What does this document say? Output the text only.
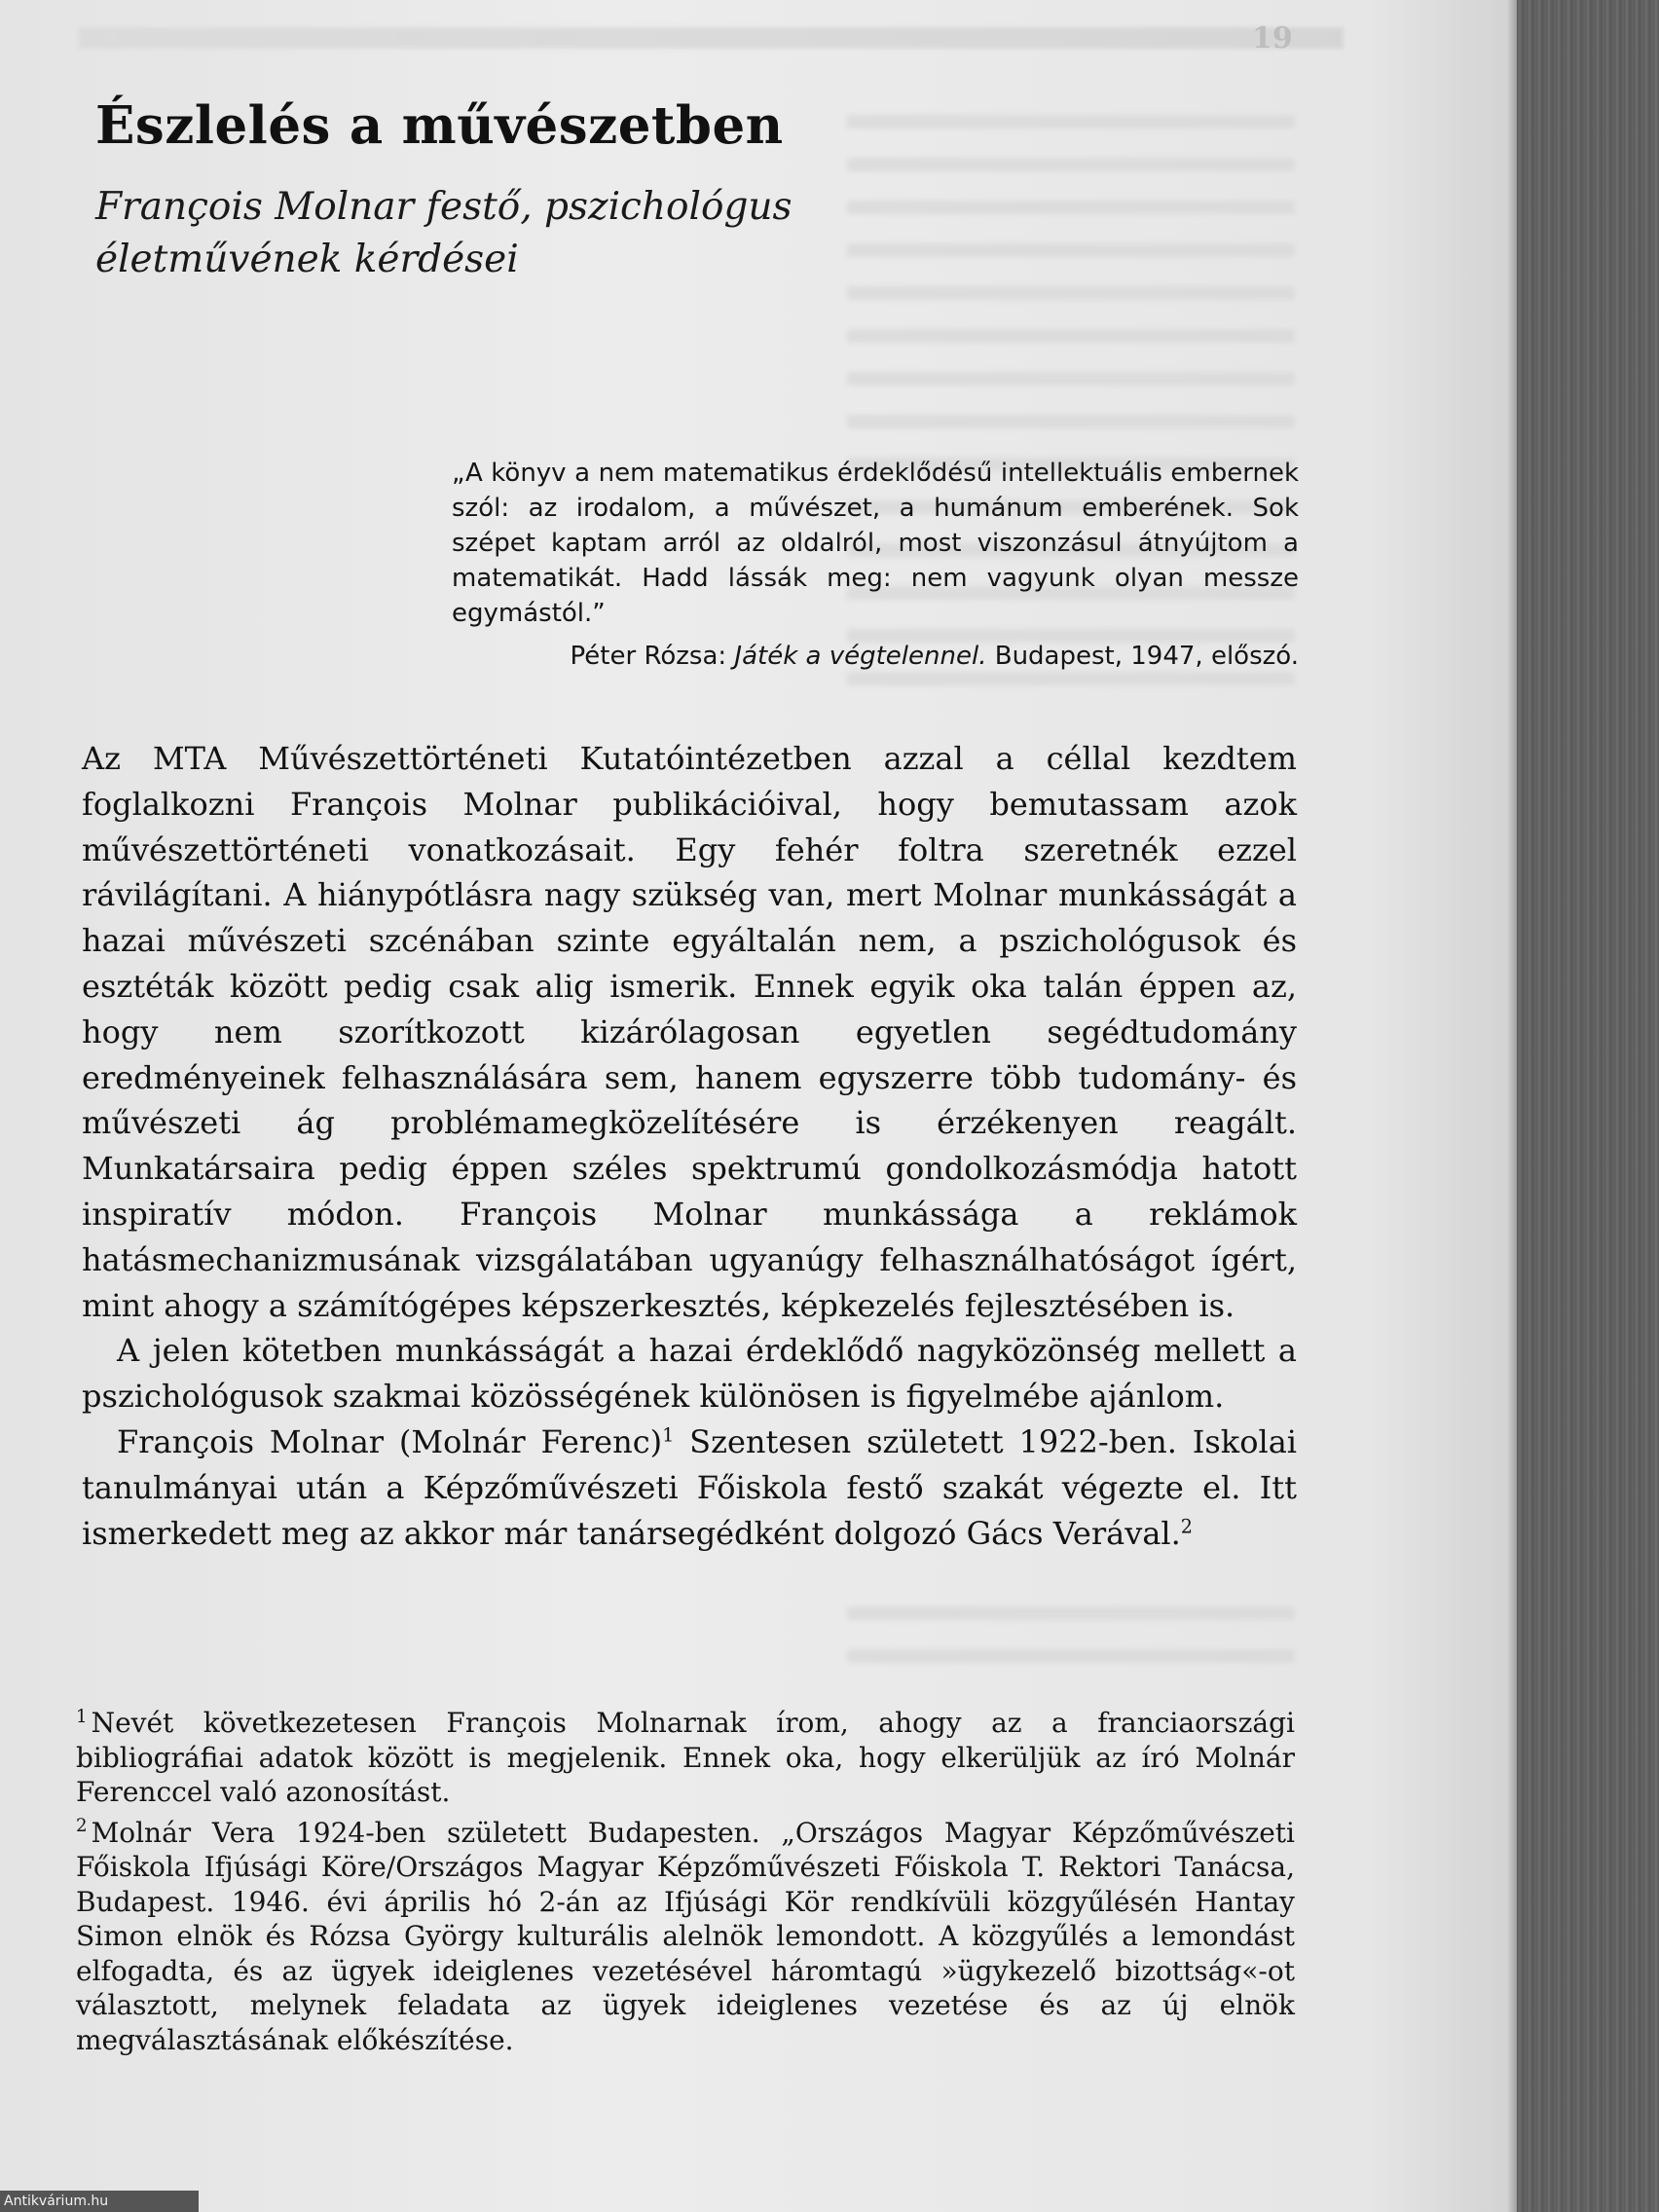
19
Észlelés a művészetben
François Molnar festő, pszichológus életművének kérdései
„A könyv a nem matematikus érdeklődésű intellektuális embernek szól: az irodalom, a művészet, a humánum emberének. Sok szépet kaptam arról az oldalról, most viszonzásul átnyújtom a matematikát. Hadd lássák meg: nem vagyunk olyan messze egymástól.”
Péter Rózsa: Játék a végtelennel. Budapest, 1947, előszó.

Az MTA Művészettörténeti Kutatóintézetben azzal a céllal kezdtem foglalkozni François Molnar publikációival, hogy bemutassam azok művészettörténeti vonatkozásait. Egy fehér foltra szeretnék ezzel rávilágítani. A hiánypótlásra nagy szükség van, mert Molnar munkásságát a hazai művészeti szcénában szinte egyáltalán nem, a pszichológusok és esztéták között pedig csak alig ismerik. Ennek egyik oka talán éppen az, hogy nem szorítkozott kizárólagosan egyetlen segédtudomány eredményeinek felhasználására sem, hanem egyszerre több tudomány- és művészeti ág problémamegközelítésére is érzékenyen reagált. Munkatársaira pedig éppen széles spektrumú gondolkozásmódja hatott inspiratív módon. François Molnar munkássága a reklámok hatásmechanizmusának vizsgálatában ugyanúgy felhasználhatóságot ígért, mint ahogy a számítógépes képszerkesztés, képkezelés fejlesztésében is.

A jelen kötetben munkásságát a hazai érdeklődő nagyközönség mellett a pszichológusok szakmai közösségének különösen is figyelmébe ajánlom.

François Molnar (Molnár Ferenc)$^1$ Szentesen született 1922-ben. Iskolai tanulmányai után a Képzőművészeti Főiskola festő szakát végezte el. Itt ismerkedett meg az akkor már tanársegédként dolgozó Gács Verával.$^2$

$^1$ Nevét következetesen François Molnarnak írom, ahogy az a franciaországi bibliográfiai adatok között is megjelenik. Ennek oka, hogy elkerüljük az író Molnár Ferenccel való azonosítást.

$^2$ Molnár Vera 1924-ben született Budapesten. „Országos Magyar Képzőművészeti Főiskola Ifjúsági Köre/Országos Magyar Képzőművészeti Főiskola T. Rektori Tanácsa, Budapest. 1946. évi április hó 2-án az Ifjúsági Kör rendkívüli közgyűlésén Hantay Simon elnök és Rózsa György kulturális alelnök lemondott. A közgyűlés a lemondást elfogadta, és az ügyek ideiglenes vezetésével háromtagú »ügykezelő bizottság«-ot választott, melynek feladata az ügyek ideiglenes vezetése és az új elnök megválasztásának előkészítése.

Antikvárium.hu
